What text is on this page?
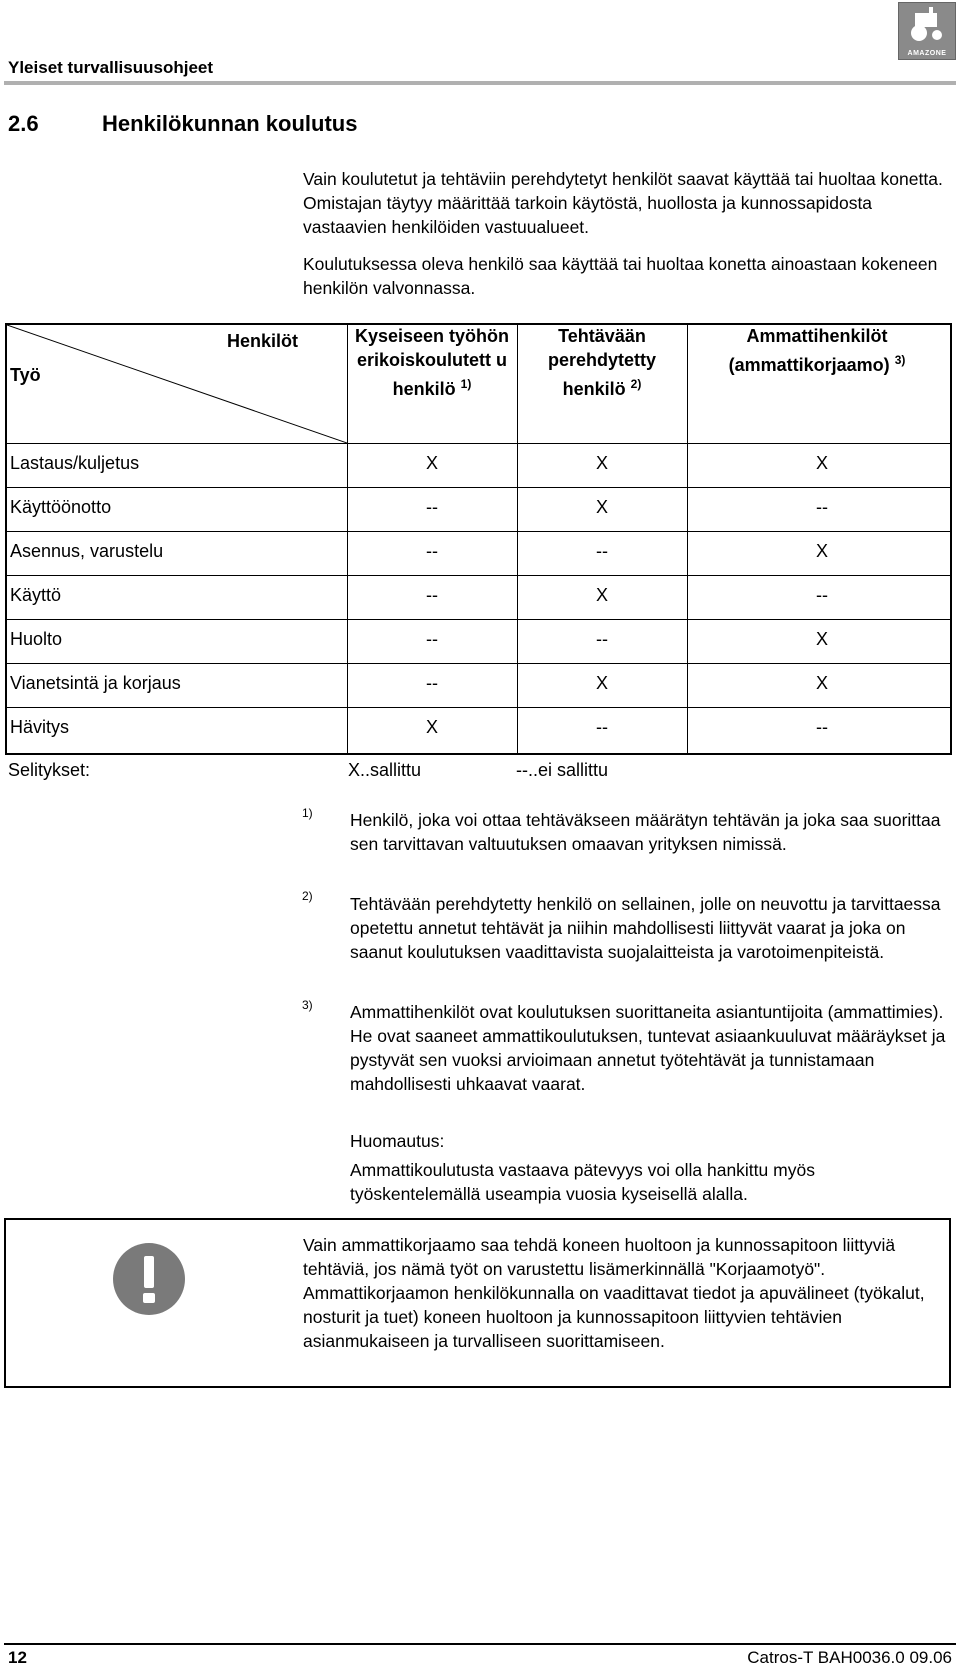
Yleiset turvallisuusohjeet
AMAZONE
2.6	Henkilökunnan koulutus
Vain koulutetut ja tehtäviin perehdytetyt henkilöt saavat käyttää tai huoltaa konetta. Omistajan täytyy määrittää tarkoin käytöstä, huollosta ja kunnossapidosta vastaavien henkilöiden vastuualueet.
Koulutuksessa oleva henkilö saa käyttää tai huoltaa konetta ainoastaan kokeneen henkilön valvonnassa.
Henkilöt
Työ
Kyseiseen työhön erikoiskoulutett u henkilö $^{1)}$
Tehtävään perehdytetty henkilö $^{2)}$
Ammattihenkilöt (ammattikorjaamo) $^{3)}$
Lastaus/kuljetus	X	X	X
Käyttöönotto	--	X	--
Asennus, varustelu	--	--	X
Käyttö	--	X	--
Huolto	--	--	X
Vianetsintä ja korjaus	--	X	X
Hävitys	X	--	--
Selitykset:	X..sallittu	--..ei sallittu
1) Henkilö, joka voi ottaa tehtäväkseen määrätyn tehtävän ja joka saa suorittaa sen tarvittavan valtuutuksen omaavan yrityksen nimissä.
2) Tehtävään perehdytetty henkilö on sellainen, jolle on neuvottu ja tarvittaessa opetettu annetut tehtävät ja niihin mahdollisesti liittyvät vaarat ja joka on saanut koulutuksen vaadittavista suojalaitteista ja varotoimenpiteistä.
3) Ammattihenkilöt ovat koulutuksen suorittaneita asiantuntijoita (ammattimies). He ovat saaneet ammattikoulutuksen, tuntevat asiaankuuluvat määräykset ja pystyvät sen vuoksi arvioimaan annetut työtehtävät ja tunnistamaan mahdollisesti uhkaavat vaarat.
Huomautus:
Ammattikoulutusta vastaava pätevyys voi olla hankittu myös työskentelemällä useampia vuosia kyseisellä alalla.
Vain ammattikorjaamo saa tehdä koneen huoltoon ja kunnossapitoon liittyviä tehtäviä, jos nämä työt on varustettu lisämerkinnällä "Korjaamotyö". Ammattikorjaamon henkilökunnalla on vaadittavat tiedot ja apuvälineet (työkalut, nosturit ja tuet) koneen huoltoon ja kunnossapitoon liittyvien tehtävien asianmukaiseen ja turvalliseen suorittamiseen.
12	Catros-T BAH0036.0 09.06
